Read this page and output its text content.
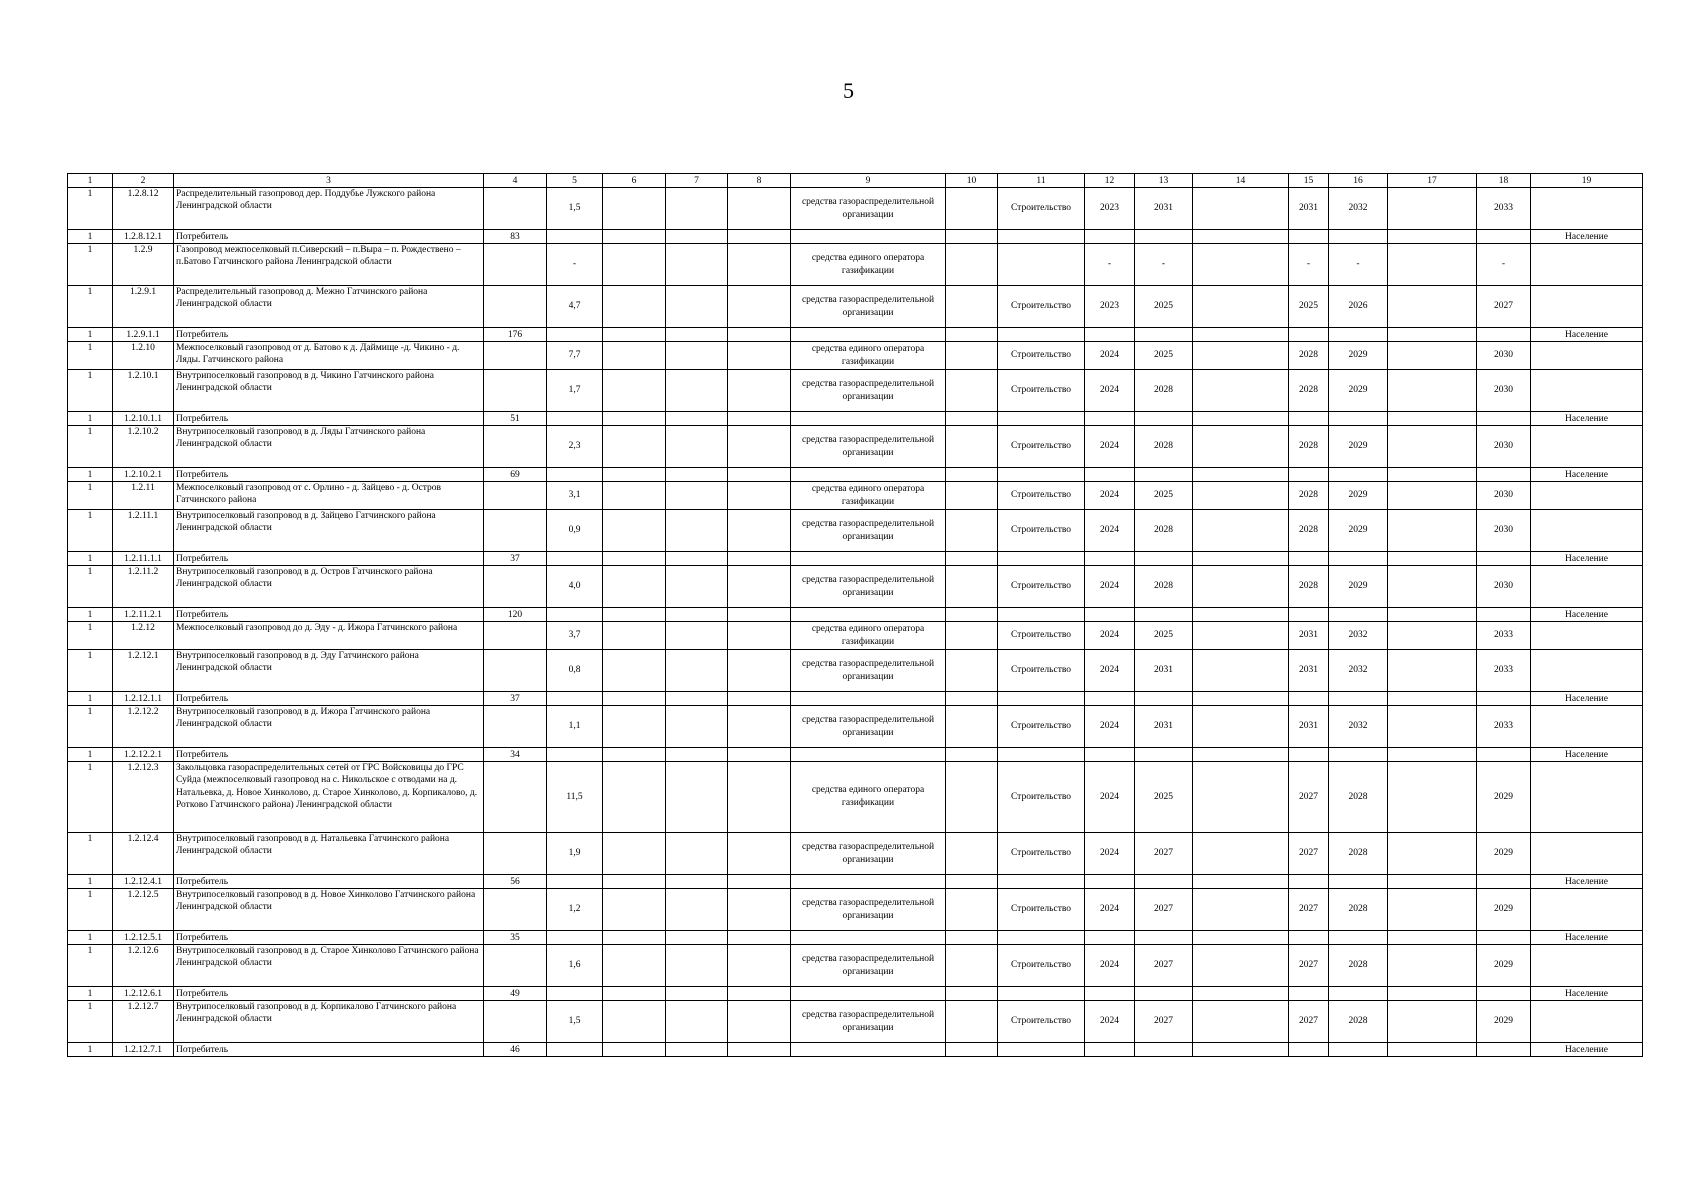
5
1	2	3	4	5	6	7	8	9	10	11	12	13	14	15	16	17	18	19
1	1.2.8.12	Распределительный газопровод дер. Поддубье Лужского района Ленинградской области		1,5				средства газораспределительной организации		Строительство	2023	2031		2031	2032		2033	
1	1.2.8.12.1	Потребитель	83															Население
1	1.2.9	Газопровод межпоселковый п.Сиверский – п.Выра – п. Рождествено – п.Батово Гатчинского района Ленинградской области		-				средства единого оператора газификации			-	-		-	-		-	
1	1.2.9.1	Распределительный газопровод д. Межно Гатчинского района Ленинградской области		4,7				средства газораспределительной организации		Строительство	2023	2025		2025	2026		2027	
1	1.2.9.1.1	Потребитель	176															Население
1	1.2.10	Межпоселковый газопровод от д. Батово к д. Даймище -д. Чикино - д. Ляды. Гатчинского района		7,7				средства единого оператора газификации		Строительство	2024	2025		2028	2029		2030	
1	1.2.10.1	Внутрипоселковый газопровод в д. Чикино Гатчинского района Ленинградской области		1,7				средства газораспределительной организации		Строительство	2024	2028		2028	2029		2030	
1	1.2.10.1.1	Потребитель	51															Население
1	1.2.10.2	Внутрипоселковый газопровод в д. Ляды Гатчинского района Ленинградской области		2,3				средства газораспределительной организации		Строительство	2024	2028		2028	2029		2030	
1	1.2.10.2.1	Потребитель	69															Население
1	1.2.11	Межпоселковый газопровод от с. Орлино - д. Зайцево - д. Остров Гатчинского района		3,1				средства единого оператора газификации		Строительство	2024	2025		2028	2029		2030	
1	1.2.11.1	Внутрипоселковый газопровод в д. Зайцево Гатчинского района Ленинградской области		0,9				средства газораспределительной организации		Строительство	2024	2028		2028	2029		2030	
1	1.2.11.1.1	Потребитель	37															Население
1	1.2.11.2	Внутрипоселковый газопровод в д. Остров Гатчинского района Ленинградской области		4,0				средства газораспределительной организации		Строительство	2024	2028		2028	2029		2030	
1	1.2.11.2.1	Потребитель	120															Население
1	1.2.12	Межпоселковый газопровод до д. Эду - д. Ижора Гатчинского района		3,7				средства единого оператора газификации		Строительство	2024	2025		2031	2032		2033	
1	1.2.12.1	Внутрипоселковый газопровод в д. Эду Гатчинского района Ленинградской области		0,8				средства газораспределительной организации		Строительство	2024	2031		2031	2032		2033	
1	1.2.12.1.1	Потребитель	37															Население
1	1.2.12.2	Внутрипоселковый газопровод в д. Ижора Гатчинского района Ленинградской области		1,1				средства газораспределительной организации		Строительство	2024	2031		2031	2032		2033	
1	1.2.12.2.1	Потребитель	34															Население
1	1.2.12.3	Закольцовка газораспределительных сетей от ГРС Войсковицы до ГРС Суйда (межпоселковый газопровод на с. Никольское с отводами на д. Натальевка, д. Новое Хинколово, д. Старое Хинколово, д. Корпикалово, д. Ротково Гатчинского района) Ленинградской области		11,5				средства единого оператора газификации		Строительство	2024	2025		2027	2028		2029	
1	1.2.12.4	Внутрипоселковый газопровод в д. Натальевка Гатчинского района Ленинградской области		1,9				средства газораспределительной организации		Строительство	2024	2027		2027	2028		2029	
1	1.2.12.4.1	Потребитель	56															Население
1	1.2.12.5	Внутрипоселковый газопровод в д. Новое Хинколово Гатчинского района Ленинградской области		1,2				средства газораспределительной организации		Строительство	2024	2027		2027	2028		2029	
1	1.2.12.5.1	Потребитель	35															Население
1	1.2.12.6	Внутрипоселковый газопровод в д. Старое Хинколово Гатчинского района Ленинградской области		1,6				средства газораспределительной организации		Строительство	2024	2027		2027	2028		2029	
1	1.2.12.6.1	Потребитель	49															Население
1	1.2.12.7	Внутрипоселковый газопровод в д. Корпикалово Гатчинского района Ленинградской области		1,5				средства газораспределительной организации		Строительство	2024	2027		2027	2028		2029	
1	1.2.12.7.1	Потребитель	46															Население
